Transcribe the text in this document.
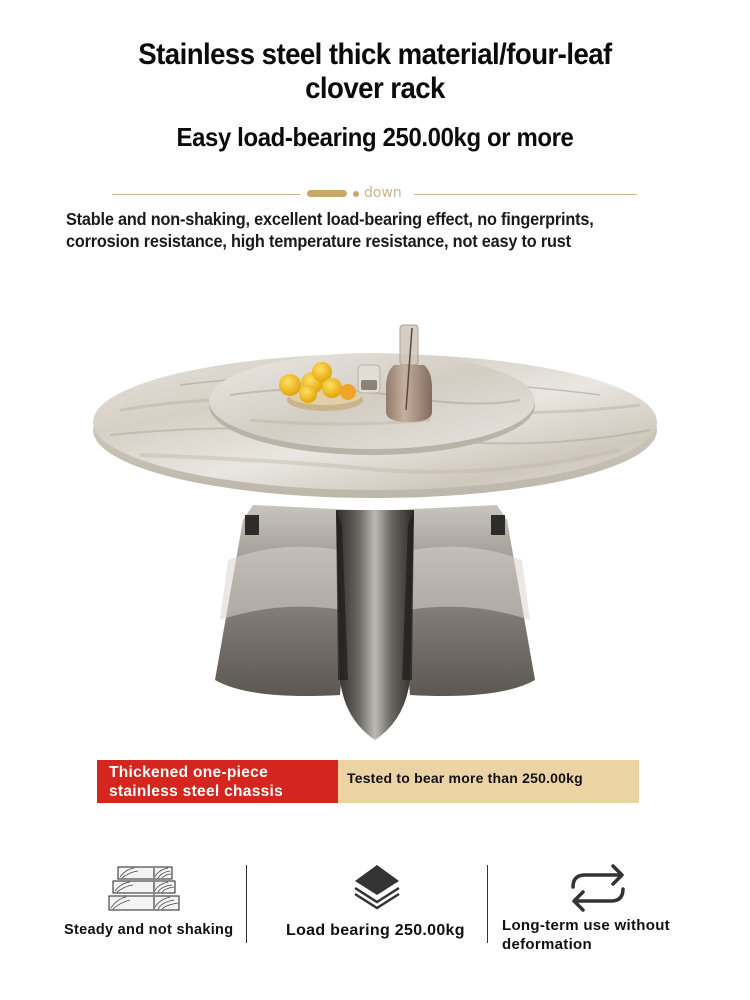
Stainless steel thick material/four-leaf
clover rack
Easy load-bearing 250.00kg or more
down
Stable and non-shaking, excellent load-bearing effect, no fingerprints,
corrosion resistance, high temperature resistance, not easy to rust
Thickened one-piece
stainless steel chassis
Tested to bear more than 250.00kg
Steady and not shaking	Load bearing 250.00kg Long-term use without
deformation
